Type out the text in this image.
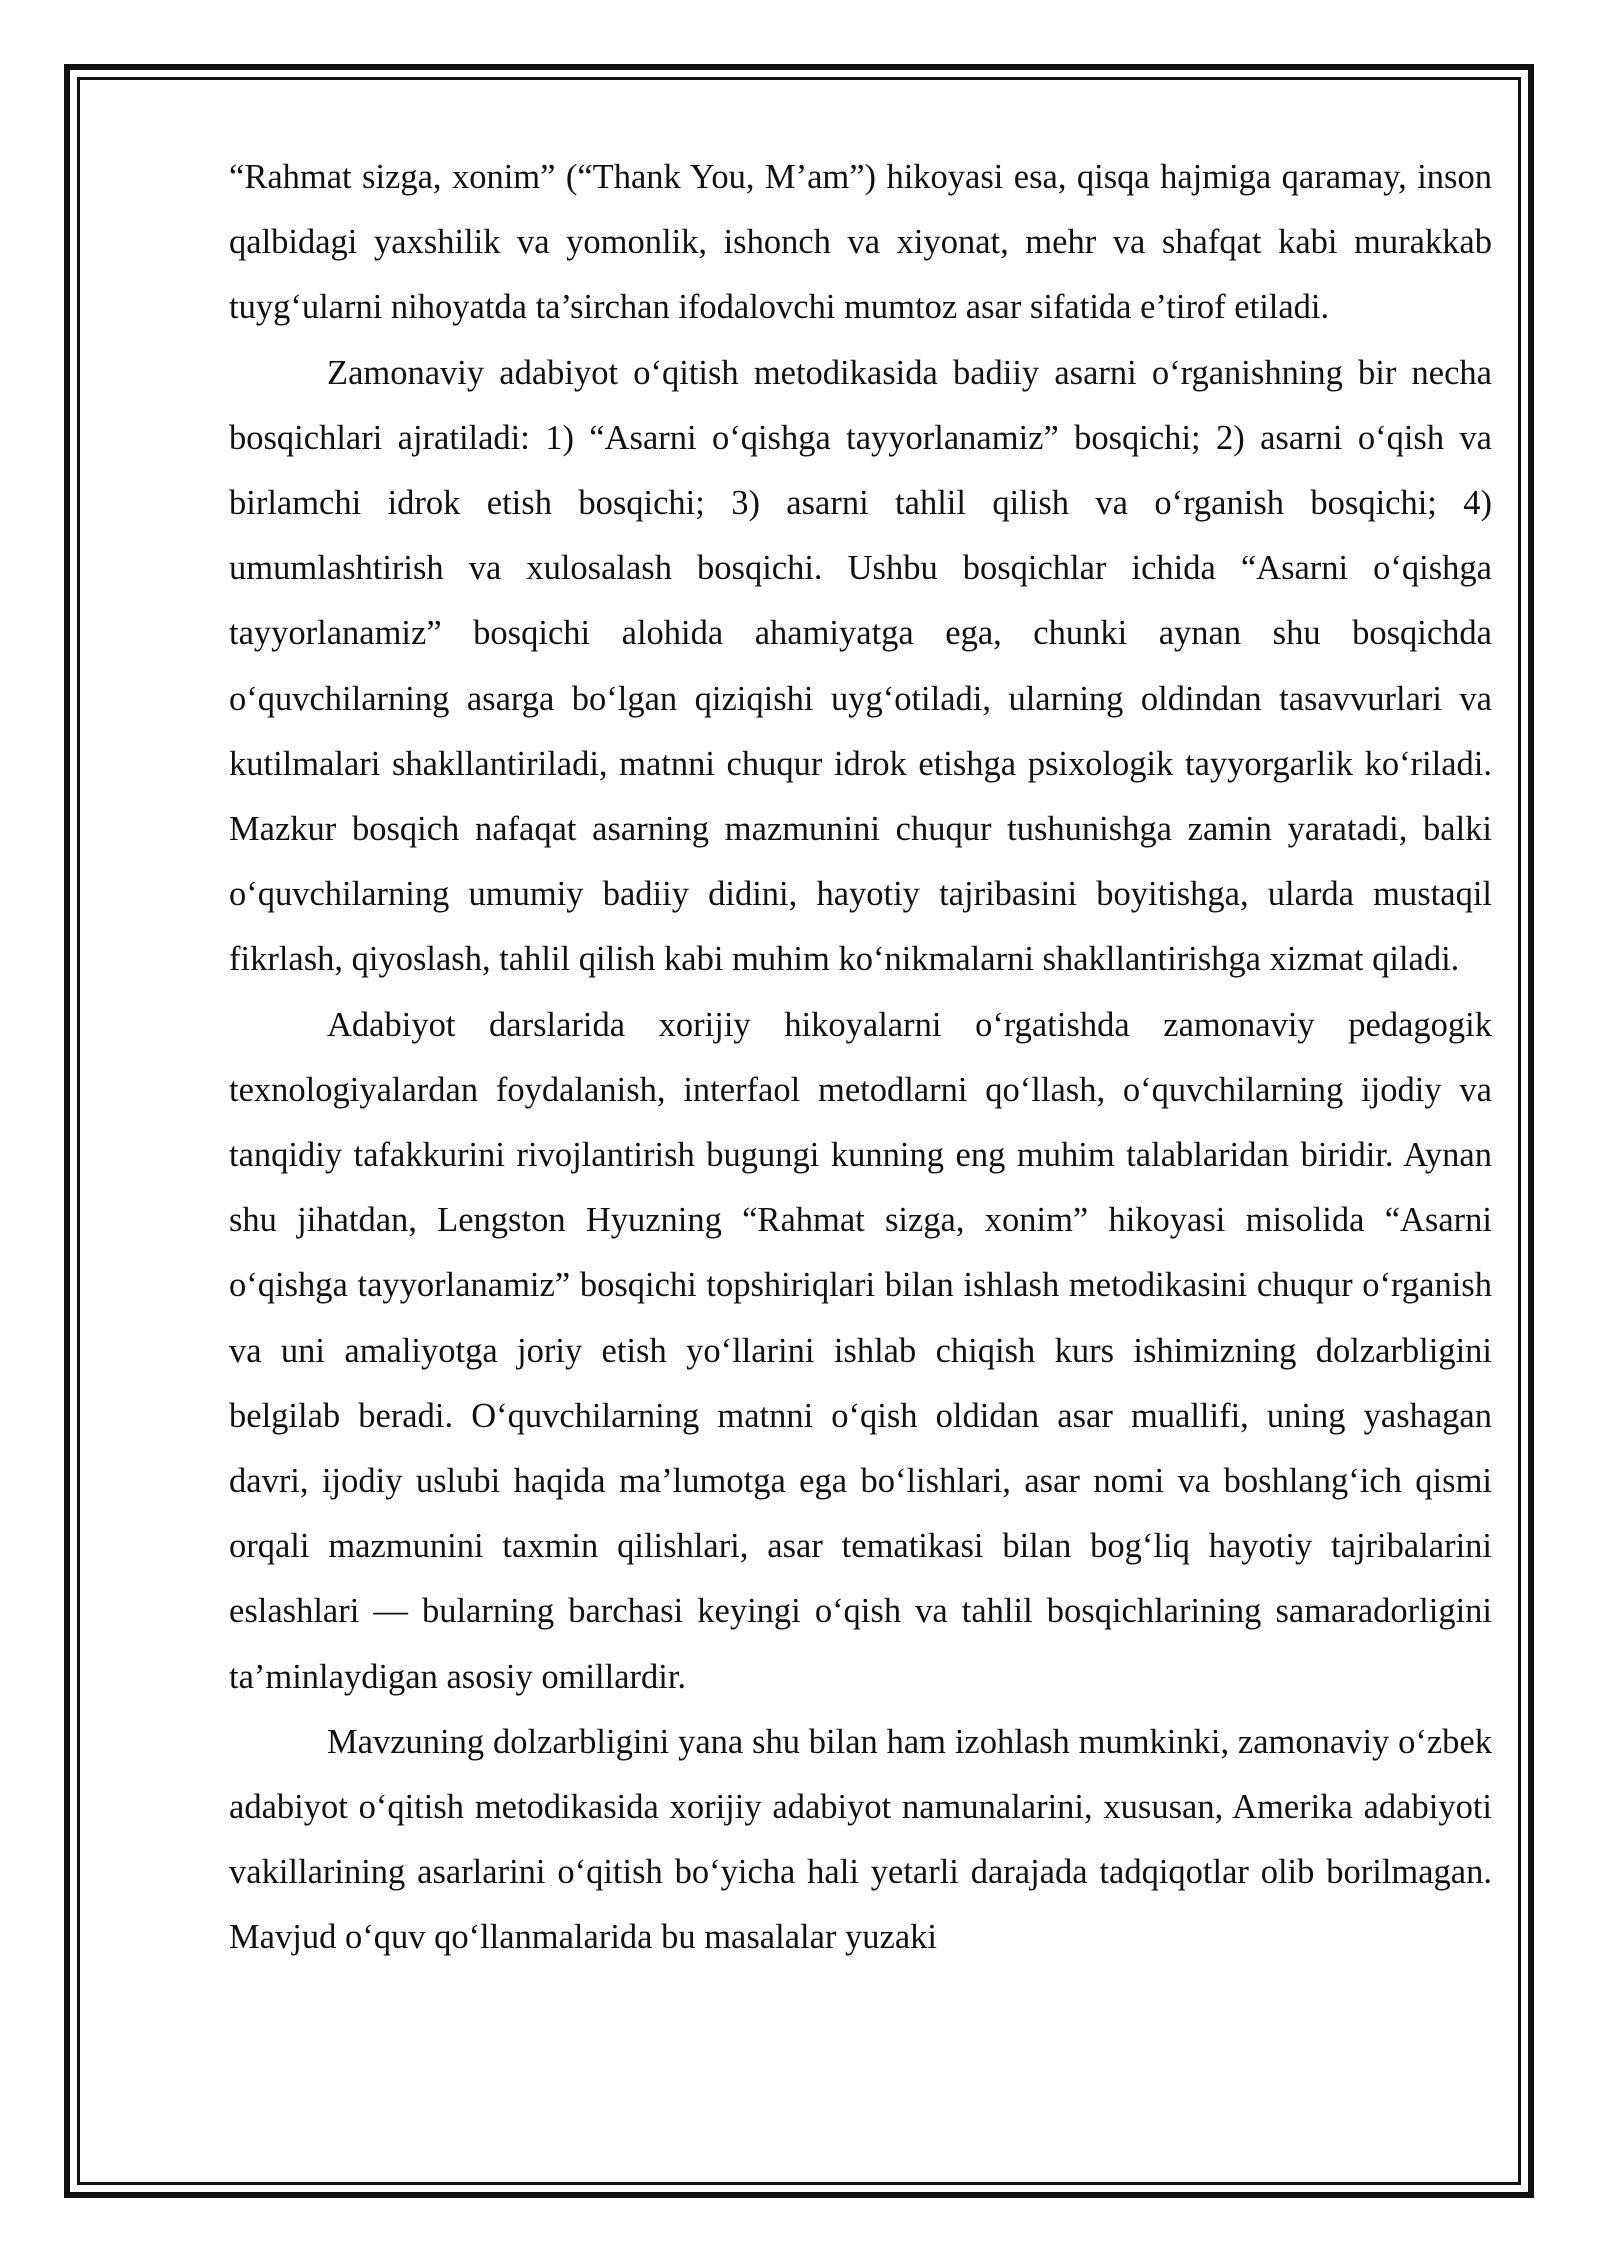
“Rahmat sizga, xonim” (“Thank You, M’am”) hikoyasi esa, qisqa hajmiga qaramay, inson qalbidagi yaxshilik va yomonlik, ishonch va xiyonat, mehr va shafqat kabi murakkab tuyg‘ularni nihoyatda ta’sirchan ifodalovchi mumtoz asar sifatida e’tirof etiladi.

Zamonaviy adabiyot o‘qitish metodikasida badiiy asarni o‘rganishning bir necha bosqichlari ajratiladi: 1) “Asarni o‘qishga tayyorlanamiz” bosqichi; 2) asarni o‘qish va birlamchi idrok etish bosqichi; 3) asarni tahlil qilish va o‘rganish bosqichi; 4) umumlashtirish va xulosalash bosqichi. Ushbu bosqichlar ichida “Asarni o‘qishga tayyorlanamiz” bosqichi alohida ahamiyatga ega, chunki aynan shu bosqichda o‘quvchilarning asarga bo‘lgan qiziqishi uyg‘otiladi, ularning oldindan tasavvurlari va kutilmalari shakllantiriladi, matnni chuqur idrok etishga psixologik tayyorgarlik ko‘riladi. Mazkur bosqich nafaqat asarning mazmunini chuqur tushunishga zamin yaratadi, balki o‘quvchilarning umumiy badiiy didini, hayotiy tajribasini boyitishga, ularda mustaqil fikrlash, qiyoslash, tahlil qilish kabi muhim ko‘nikmalarni shakllantirishga xizmat qiladi.

Adabiyot darslarida xorijiy hikoyalarni o‘rgatishda zamonaviy pedagogik texnologiyalardan foydalanish, interfaol metodlarni qo‘llash, o‘quvchilarning ijodiy va tanqidiy tafakkurini rivojlantirish bugungi kunning eng muhim talablaridan biridir. Aynan shu jihatdan, Lengston Hyuzning “Rahmat sizga, xonim” hikoyasi misolida “Asarni o‘qishga tayyorlanamiz” bosqichi topshiriqlari bilan ishlash metodikasini chuqur o‘rganish va uni amaliyotga joriy etish yo‘llarini ishlab chiqish kurs ishimizning dolzarbligini belgilab beradi. O‘quvchilarning matnni o‘qish oldidan asar muallifi, uning yashagan davri, ijodiy uslubi haqida ma’lumotga ega bo‘lishlari, asar nomi va boshlang‘ich qismi orqali mazmunini taxmin qilishlari, asar tematikasi bilan bog‘liq hayotiy tajribalarini eslashlari — bularning barchasi keyingi o‘qish va tahlil bosqichlarining samaradorligini ta’minlaydigan asosiy omillardir.

Mavzuning dolzarbligini yana shu bilan ham izohlash mumkinki, zamonaviy o‘zbek adabiyot o‘qitish metodikasida xorijiy adabiyot namunalarini, xususan, Amerika adabiyoti vakillarining asarlarini o‘qitish bo‘yicha hali yetarli darajada tadqiqotlar olib borilmagan. Mavjud o‘quv qo‘llanmalarida bu masalalar yuzaki
